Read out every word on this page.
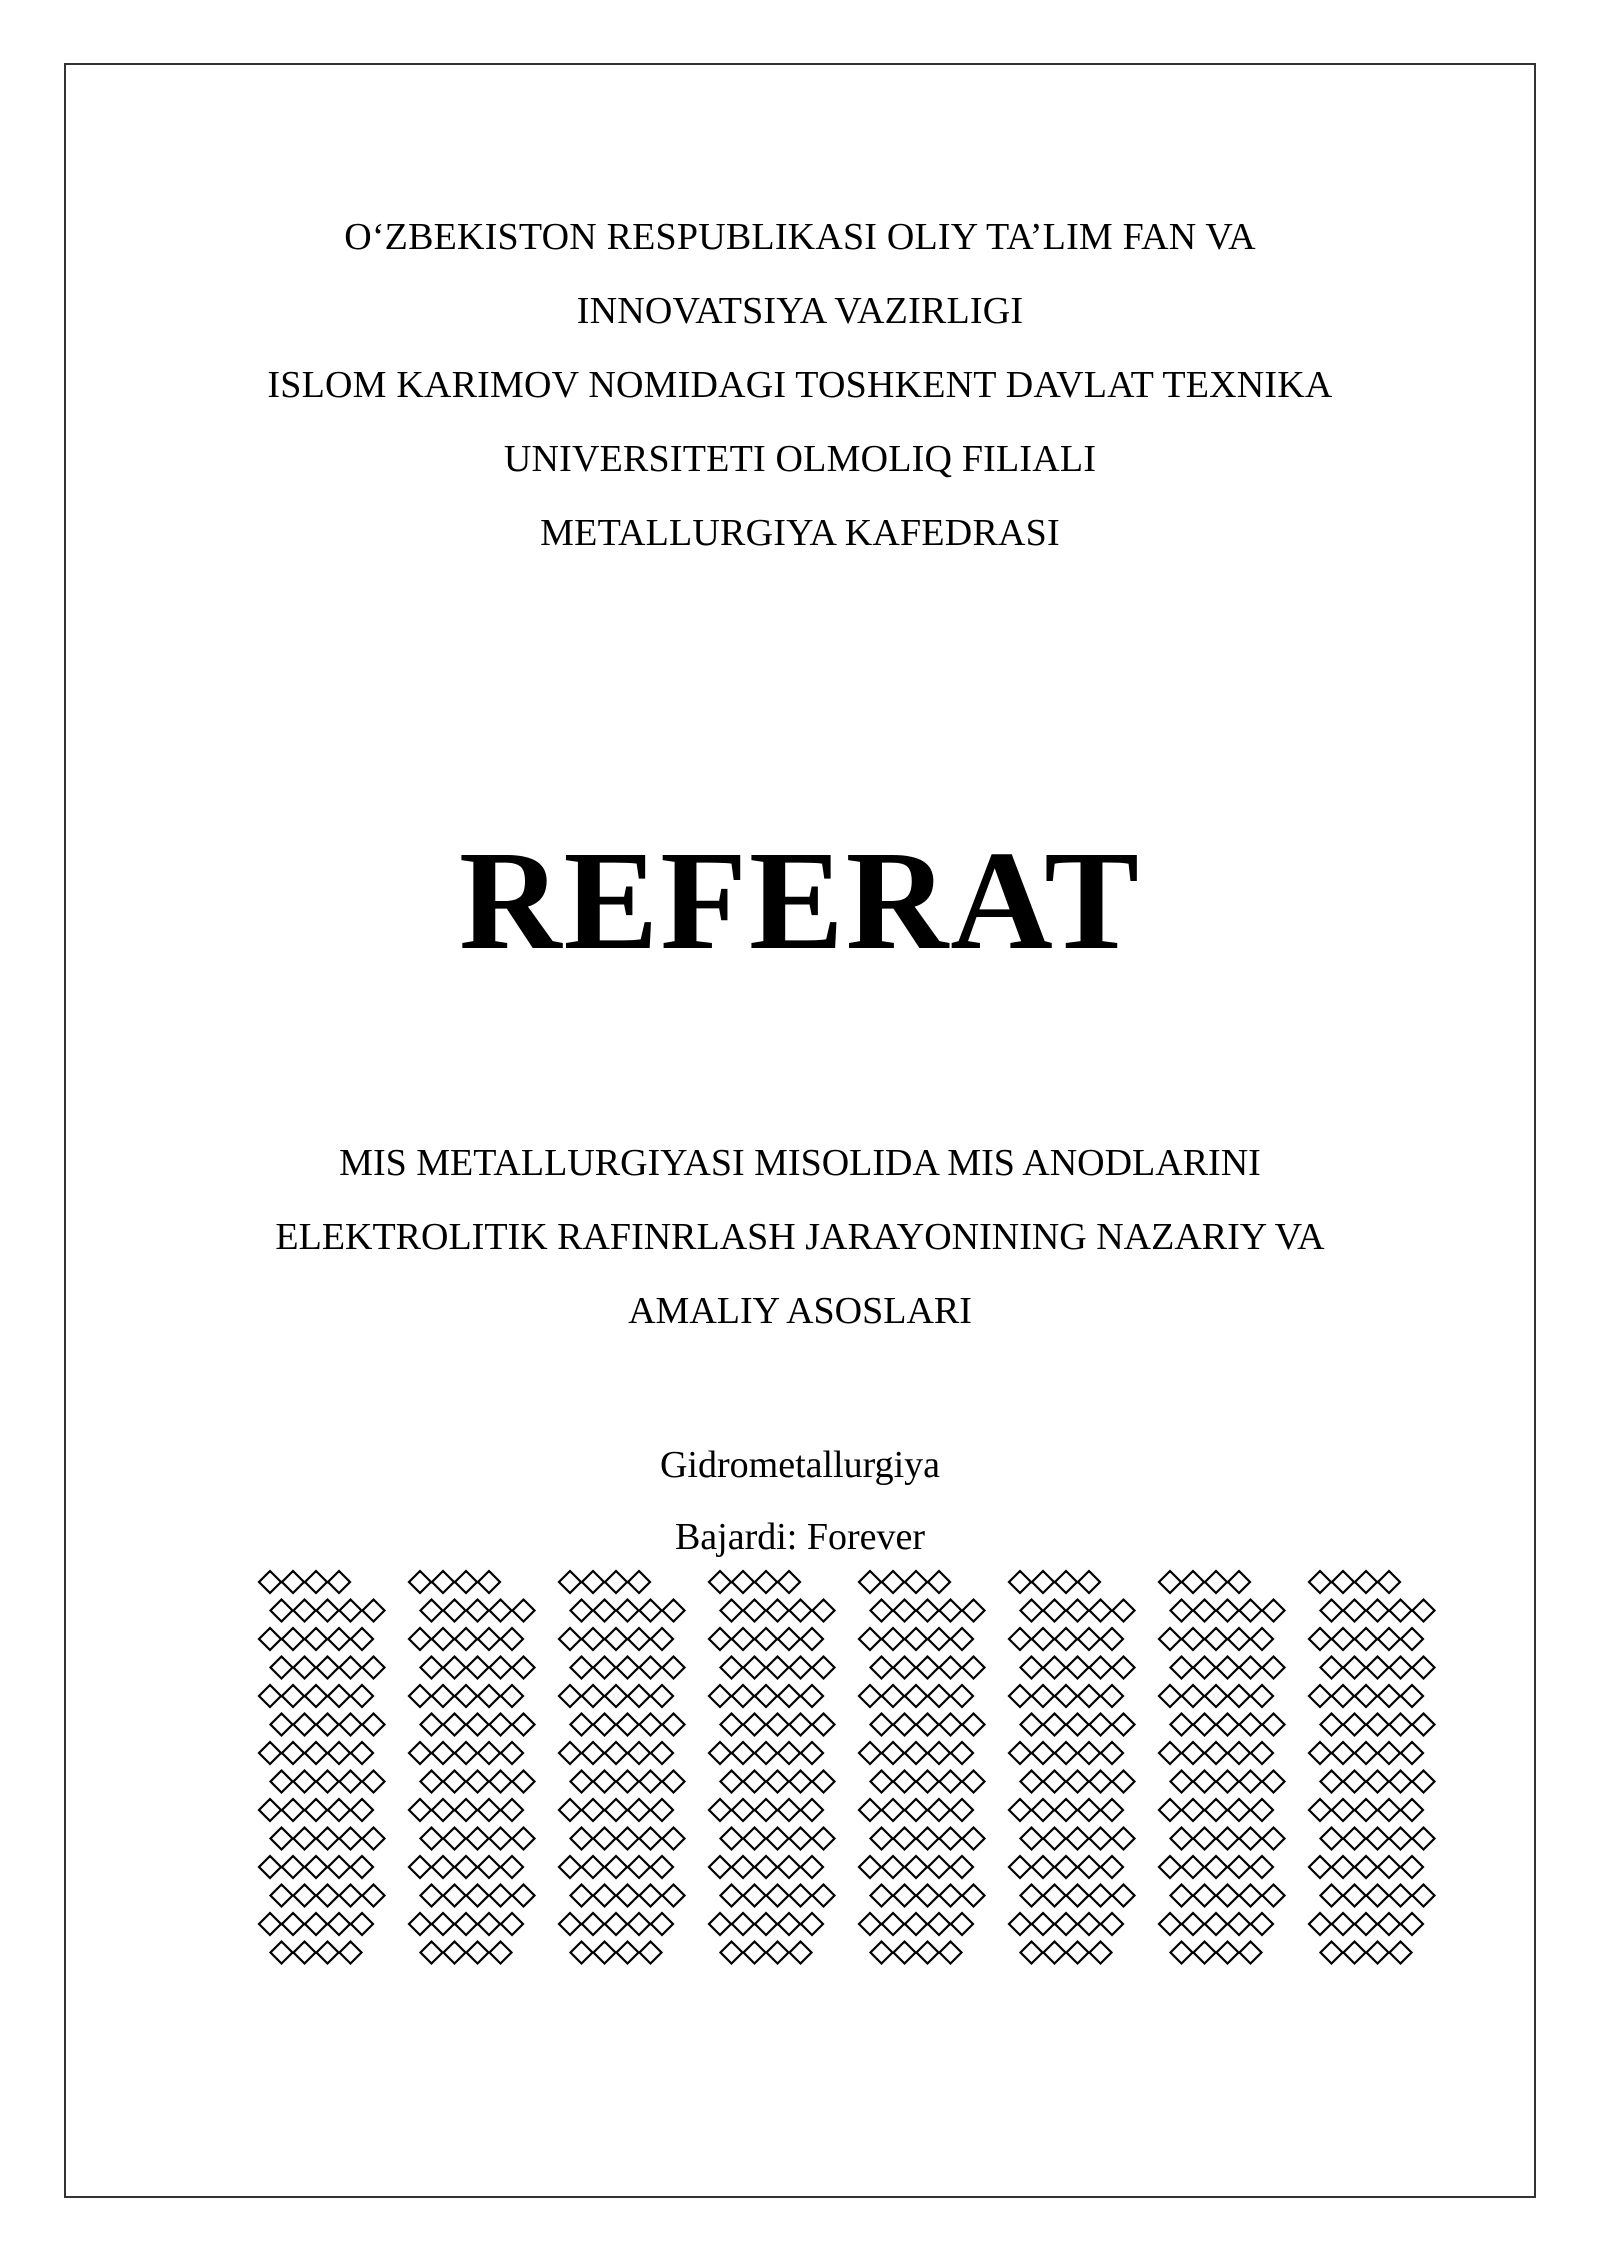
O‘ZBEKISTON RESPUBLIKASI OLIY TA’LIM FAN VA
INNOVATSIYA VAZIRLIGI
ISLOM KARIMOV NOMIDAGI TOSHKENT DAVLAT TEXNIKA
UNIVERSITETI OLMOLIQ FILIALI
METALLURGIYA KAFEDRASI
REFERAT
MIS METALLURGIYASI MISOLIDA MIS ANODLARINI
ELEKTROLITIK RAFINRLASH JARAYONINING NAZARIY VA
AMALIY ASOSLARI
Gidrometallurgiya
Bajardi: Forever
